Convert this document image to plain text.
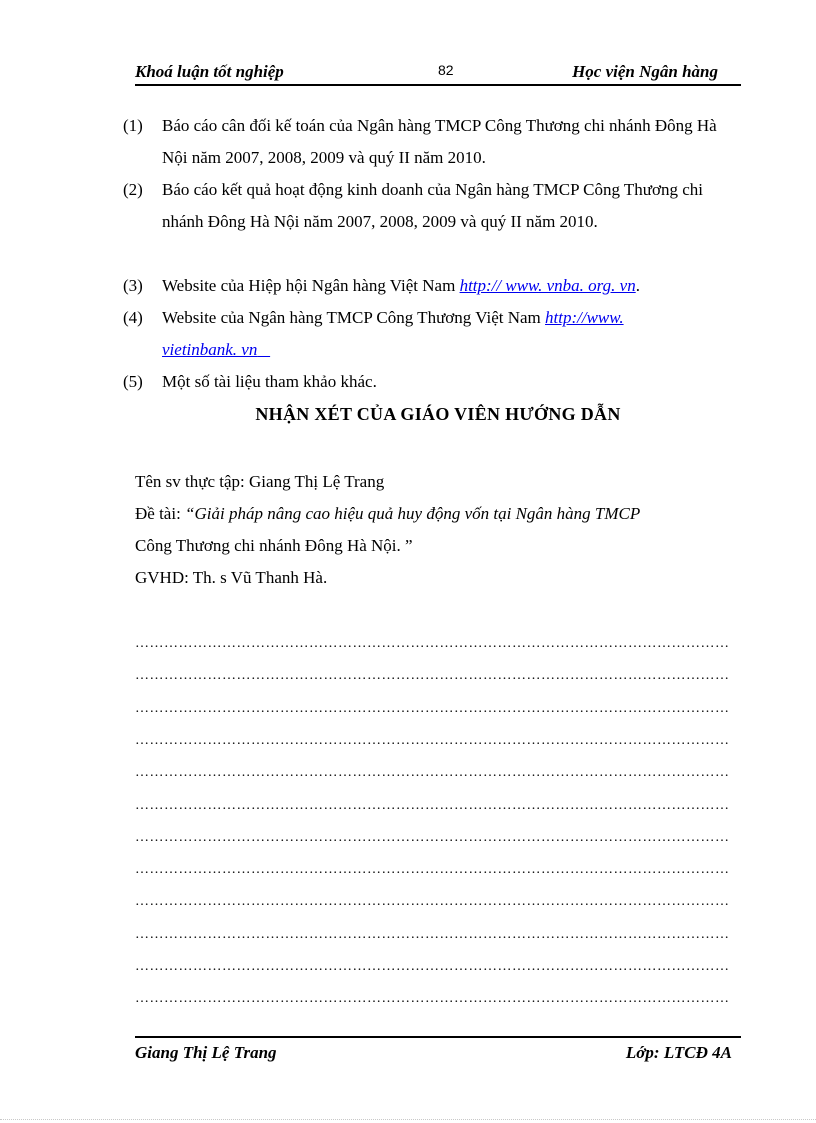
Khoá luận tốt nghiệp	82	Học viện Ngân hàng
(1)	Báo cáo cân đối kế toán của Ngân hàng TMCP Công Thương chi nhánh Đông Hà Nội năm 2007, 2008, 2009 và quý II năm 2010.
(2)	Báo cáo kết quả hoạt động kinh doanh của Ngân hàng TMCP Công Thương chi nhánh Đông Hà Nội năm 2007, 2008, 2009 và quý II năm 2010.
(3)	Website của Hiệp hội Ngân hàng Việt Nam http:// www. vnba. org. vn.
(4)	Website của Ngân hàng TMCP Công Thương Việt Nam http://www.
vietinbank. vn
(5)	Một số tài liệu tham khảo khác.
NHẬN XÉT CỦA GIÁO VIÊN HƯỚNG DẪN
Tên sv thực tập: Giang Thị Lệ Trang
Đề tài: “Giải pháp nâng cao hiệu quả huy động vốn tại Ngân hàng TMCP
Công Thương chi nhánh Đông Hà Nội. ”
GVHD: Th. s Vũ Thanh Hà.
……………………………………………………………………………………………………………
……………………………………………………………………………………………………………
……………………………………………………………………………………………………………
……………………………………………………………………………………………………………
……………………………………………………………………………………………………………
……………………………………………………………………………………………………………
……………………………………………………………………………………………………………
……………………………………………………………………………………………………………
……………………………………………………………………………………………………………
……………………………………………………………………………………………………………
……………………………………………………………………………………………………………
……………………………………………………………………………………………………………
Giang Thị Lệ Trang	Lớp: LTCĐ 4A
